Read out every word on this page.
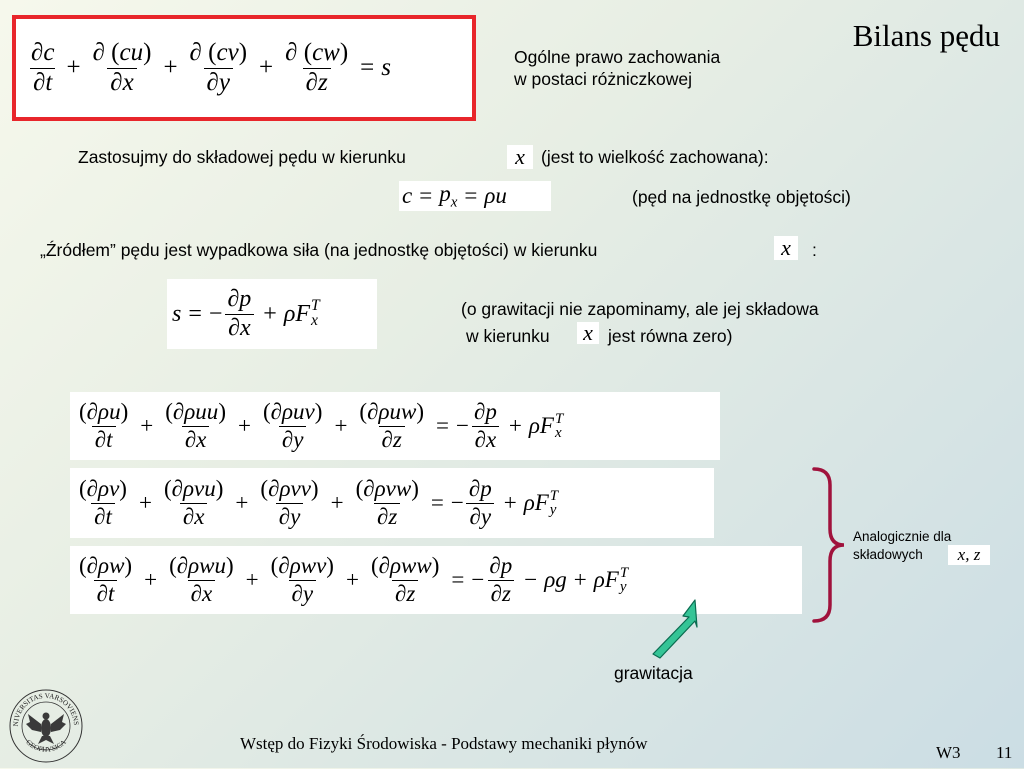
Bilans pędu
$\frac{\partial c}{\partial t} + \frac{\partial (cu)}{\partial x} + \frac{\partial (cv)}{\partial y} + \frac{\partial (cw)}{\partial z} = s$	Ogólne prawo zachowania
w postaci różniczkowej
Zastosujmy do składowej pędu w kierunku	x (jest to wielkość zachowana):
$c = p_x = \rho u$	(pęd na jednostkę objętości)
„Źródłem” pędu jest wypadkowa siła (na jednostkę objętości) w kierunku	x	:
s = − $\frac{\partial p}{\partial x} + \rho F$ T
x
(o grawitacji nie zapominamy, ale jej składowa
w kierunku x jest równa zero)
$\frac{(\partial\rho u)}{\partial t} + \frac{\text{(∂ρuu)}}{\partial x} + \frac{\text{(∂ρuv)}}{\partial y} + \frac{\text{(∂ρuw)}}{\partial z}$ = − $\frac{\partial p}{\partial x} + \rho F$ T
x
$\frac{(\partial\rho v)}{\partial t} + \frac{\text{(∂ρvu)}}{\partial x} + \frac{\text{(∂ρvv)}}{\partial y} + \frac{\text{(∂ρvw)}}{\partial z}$ = − $\frac{\partial p}{\partial y} + \rho F$ T
y
$\frac{(\partial\rho w)}{\partial t} + \frac{\text{(∂ρwu)}}{\partial x} + \frac{\text{(∂ρwv)}}{\partial y} + \frac{\text{(∂ρww)}}{\partial z}$ = − $\frac{\partial p}{\partial z} - \rho g + \rho F$ T
y
Analogicznie dla
składowych	x, z
grawitacja
NIVERSITAS VARSOVIENS
GEOPHYSICA	Wstęp do Fizyki Środowiska - Podstawy mechaniki płynów	W3 11
